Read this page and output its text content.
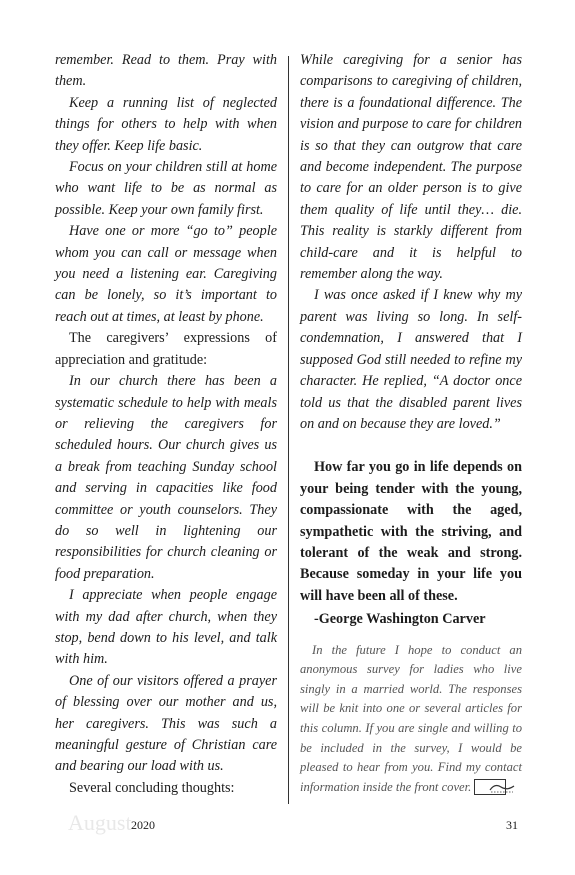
remember. Read to them. Pray with them.

Keep a running list of neglected things for others to help with when they offer. Keep life basic.

Focus on your children still at home who want life to be as normal as possible. Keep your own family first.

Have one or more “go to” people whom you can call or message when you need a listening ear. Caregiving can be lonely, so it’s important to reach out at times, at least by phone.

The caregivers’ expressions of appreciation and gratitude:

In our church there has been a systematic schedule to help with meals or relieving the caregivers for scheduled hours. Our church gives us a break from teaching Sunday school and serving in capacities like food committee or youth counselors. They do so well in lightening our responsibilities for church cleaning or food preparation.

I appreciate when people engage with my dad after church, when they stop, bend down to his level, and talk with him.

One of our visitors offered a prayer of blessing over our mother and us, her caregivers. This was such a meaningful gesture of Christian care and bearing our load with us.

Several concluding thoughts:

While caregiving for a senior has comparisons to caregiving of children, there is a foundational difference. The vision and purpose to care for children is so that they can outgrow that care and become independent. The purpose to care for an older person is to give them quality of life until they… die. This reality is starkly different from child-care and it is helpful to remember along the way.

I was once asked if I knew why my parent was living so long. In self-condemnation, I answered that I supposed God still needed to refine my character. He replied, “A doctor once told us that the disabled parent lives on and on because they are loved.”

How far you go in life depends on your being tender with the young, compassionate with the aged, sympathetic with the striving, and tolerant of the weak and strong. Because someday in your life you will have been all of these.

-George Washington Carver

In the future I hope to conduct an anonymous survey for ladies who live singly in a married world. The responses will be knit into one or several articles for this column. If you are single and willing to be included in the survey, I would be pleased to hear from you. Find my contact information inside the front cover.

August 2020	31
